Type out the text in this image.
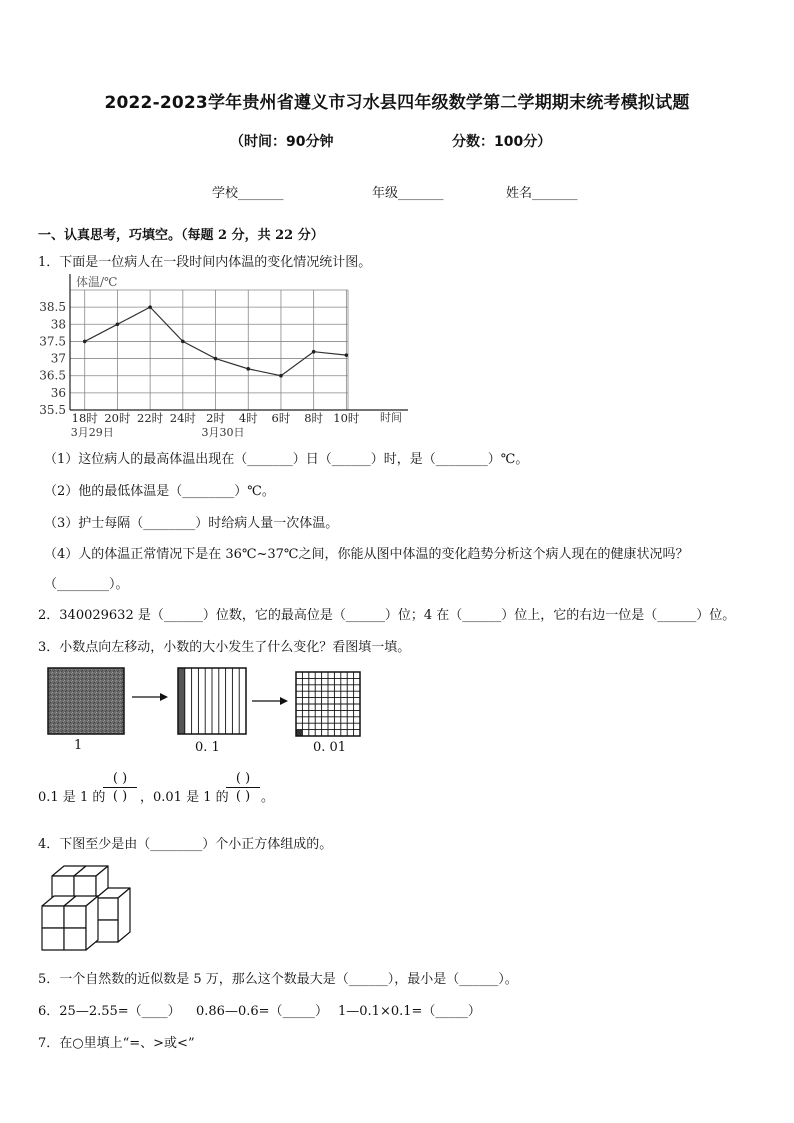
2022-2023学年贵州省遵义市习水县四年级数学第二学期期末统考模拟试题
（时间：90分钟	分数：100分）
学校_______	年级_______	姓名_______
一、认真思考，巧填空。（每题 2 分，共 22 分）
1．下面是一位病人在一段时间内体温的变化情况统计图。
35.5
36
36.5
37
37.5
38
38.5
18时 20时 22时 24时 2时 4时 6时 8时 10时
体温/℃
时间
3月29日	3月30日
（1）这位病人的最高体温出现在（_______）日（______）时，是（________）℃。
（2）他的最低体温是（________）℃。
（3）护士每隔（________）时给病人量一次体温。
（4）人的体温正常情况下是在 36℃~37℃之间，你能从图中体温的变化趋势分析这个病人现在的健康状况吗？
（________）。
2．340029632 是（______）位数，它的最高位是（______）位；4 在（______）位上，它的右边一位是（______）位。
3．小数点向左移动，小数的大小发生了什么变化？看图填一填。
1	0. 1	0. 01
0.1 是 1 的
( )
( ) ，0.01 是 1 的
( )
( ) 。
4．下图至少是由（________）个小正方体组成的。
5．一个自然数的近似数是 5 万，那么这个数最大是（______），最小是（______）。
6．25—2.55=（____） 0.86—0.6=（_____） 1—0.1×0.1=（_____）
7．在○里填上“=、>或<”
